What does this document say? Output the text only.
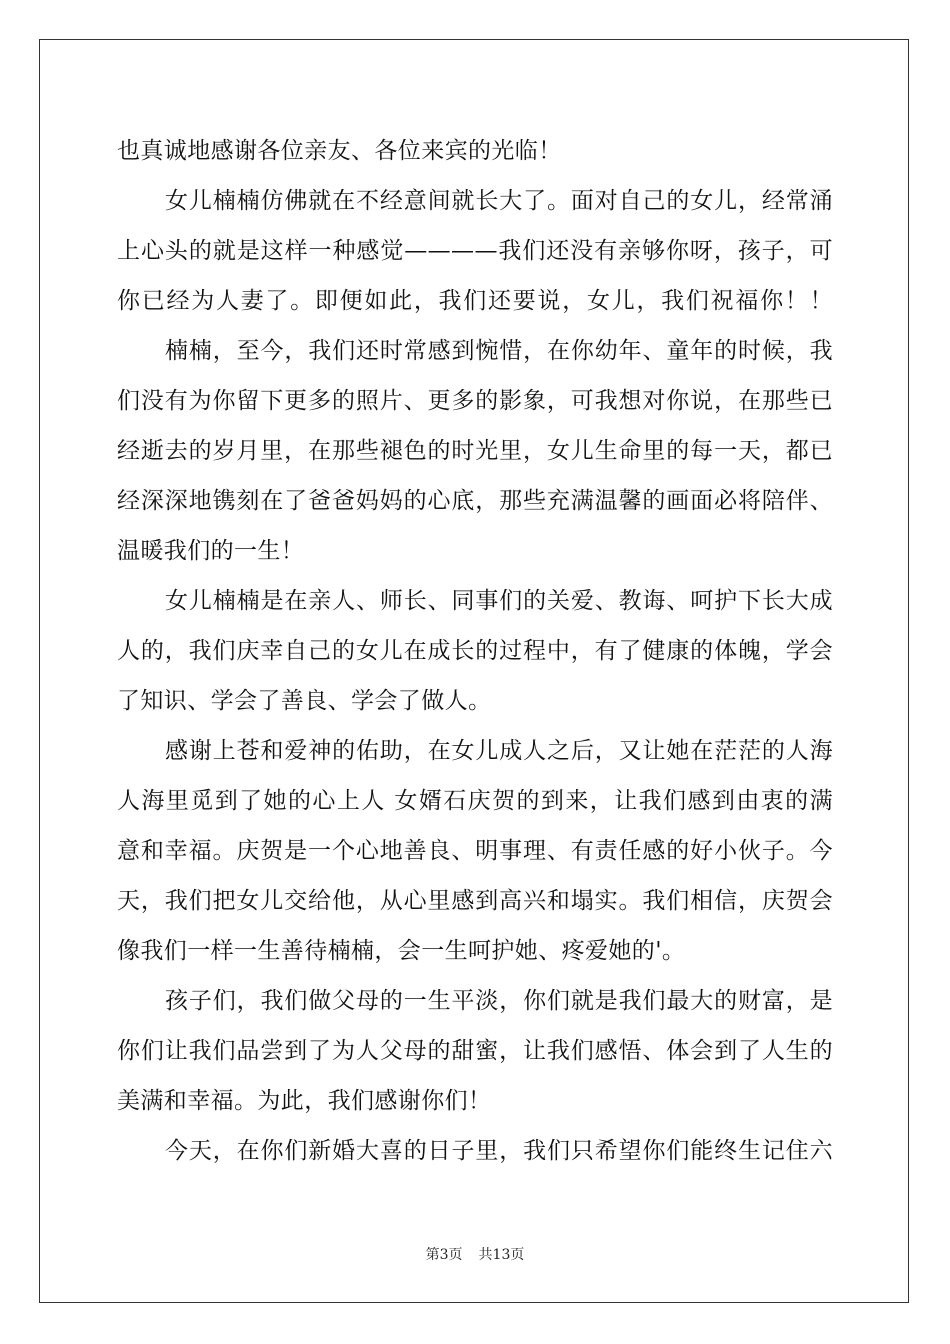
也真诚地感谢各位亲友、各位来宾的光临！
女儿楠楠仿佛就在不经意间就长大了。面对自己的女儿，经常涌
上心头的就是这样一种感觉————我们还没有亲够你呀，孩子，可
你已经为人妻了。即便如此，我们还要说，女儿，我们祝福你！！
楠楠，至今，我们还时常感到惋惜，在你幼年、童年的时候，我
们没有为你留下更多的照片、更多的影象，可我想对你说，在那些已
经逝去的岁月里，在那些褪色的时光里，女儿生命里的每一天，都已
经深深地镌刻在了爸爸妈妈的心底，那些充满温馨的画面必将陪伴、
温暖我们的一生！
女儿楠楠是在亲人、师长、同事们的关爱、教诲、呵护下长大成
人的，我们庆幸自己的女儿在成长的过程中，有了健康的体魄，学会
了知识、学会了善良、学会了做人。
感谢上苍和爱神的佑助，在女儿成人之后，又让她在茫茫的人海
人海里觅到了她的心上人 女婿石庆贺的到来，让我们感到由衷的满
意和幸福。庆贺是一个心地善良、明事理、有责任感的好小伙子。今
天，我们把女儿交给他，从心里感到高兴和塌实。我们相信，庆贺会
像我们一样一生善待楠楠，会一生呵护她、疼爱她的'。
孩子们，我们做父母的一生平淡，你们就是我们最大的财富，是
你们让我们品尝到了为人父母的甜蜜，让我们感悟、体会到了人生的
美满和幸福。为此，我们感谢你们！
今天，在你们新婚大喜的日子里，我们只希望你们能终生记住六
第3页 共13页
